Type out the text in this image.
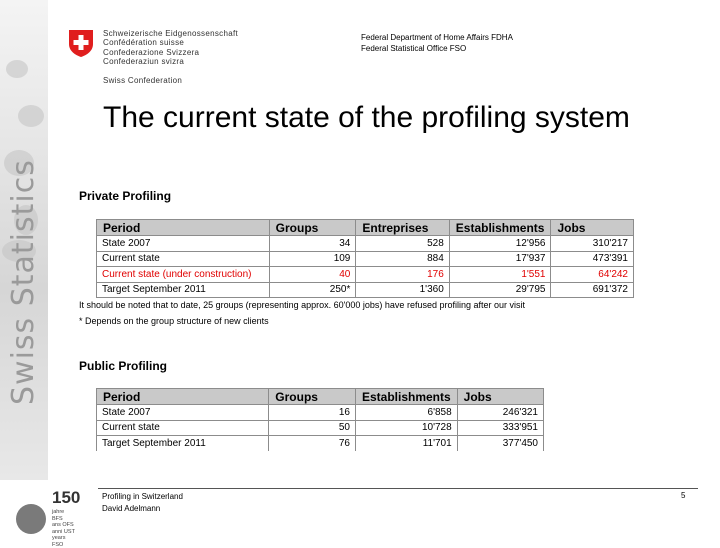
Swiss Statistics
Schweizerische Eidgenossenschaft
Confédération suisse
Confederazione Svizzera
Confederaziun svizra
Swiss Confederation
Federal Department of Home Affairs FDHA
Federal Statistical Office FSO
The current state of the profiling system
Private Profiling
Period	Groups	Entreprises	Establishments	Jobs
State 2007	34	528	12'956	310'217
Current state	109	884	17'937	473'391
Current state (under construction)	40	176	1'551	64'242
Target September 2011	250*	1'360	29'795	691'372
It should be noted that to date, 25 groups (representing approx. 60'000 jobs) have refused profiling after our visit
* Depends on the group structure of new clients
Public Profiling
Period	Groups	Establishments	Jobs
State 2007	16	6'858	246'321
Current state	50	10'728	333'951
Target September 2011	76	11'701	377'450
150
jahre BFS
ans OFS
anni UST
years FSO
Profiling in Switzerland
David Adelmann
5
